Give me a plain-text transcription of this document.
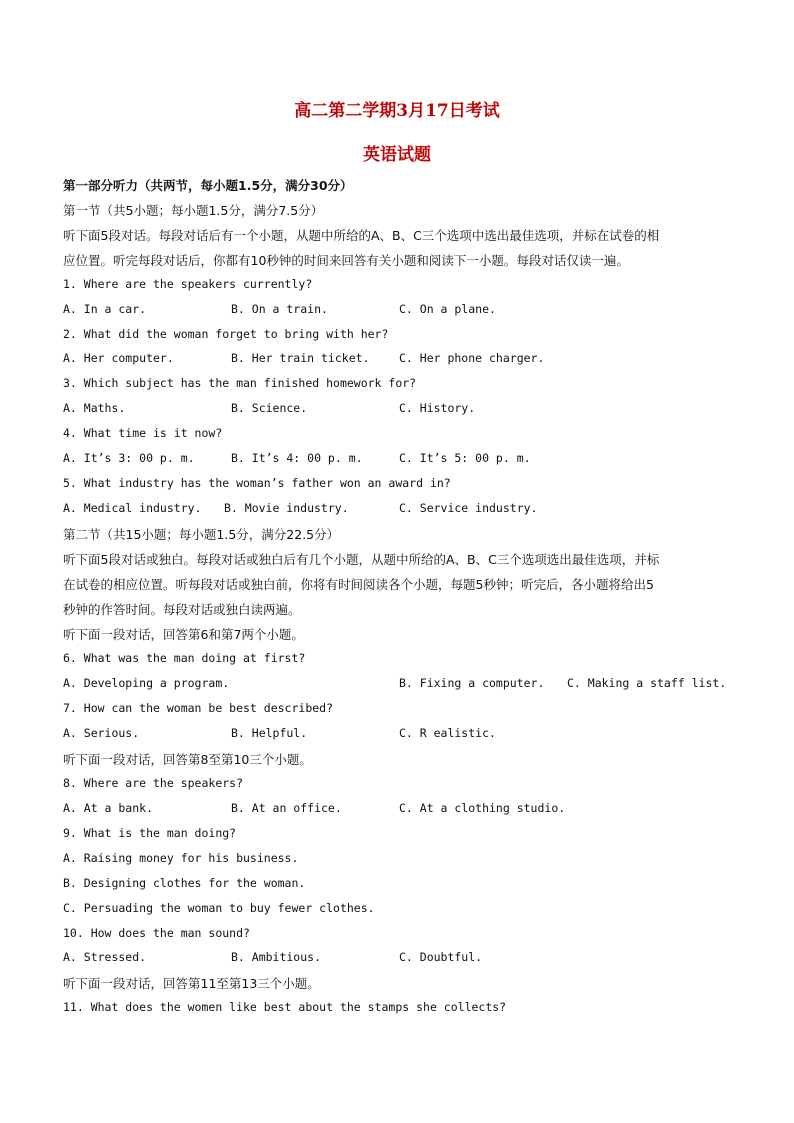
高二第二学期3月17日考试
英语试题
第一部分听力（共两节，每小题1.5分，满分30分）
第一节（共5小题；每小题1.5分，满分7.5分）
听下面5段对话。每段对话后有一个小题，从题中所给的A、B、C三个选项中选出最佳选项，并标在试卷的相
应位置。听完每段对话后，你都有10秒钟的时间来回答有关小题和阅读下一小题。每段对话仅读一遍。
1. Where are the speakers currently?
A. In a car.	B. On a train.	C. On a plane.
2. What did the woman forget to bring with her?
A. Her computer.	B. Her train ticket.	C. Her phone charger.
3. Which subject has the man finished homework for?
A. Maths.	B. Science.	C. History.
4. What time is it now?
A. It’s 3: 00 p. m.	B. It’s 4: 00 p. m.	C. It’s 5: 00 p. m.
5. What industry has the woman’s father won an award in?
A. Medical industry. B. Movie industry.	C. Service industry.
第二节（共15小题；每小题1.5分，满分22.5分）
听下面5段对话或独白。每段对话或独白后有几个小题，从题中所给的A、B、C三个选项选出最佳选项，并标
在试卷的相应位置。听每段对话或独白前，你将有时间阅读各个小题，每题5秒钟；听完后，各小题将给出5
秒钟的作答时间。每段对话或独白读两遍。
听下面一段对话，回答第6和第7两个小题。
6. What was the man doing at first?
A. Developing a program.	B. Fixing a computer. C. Making a staff list.
7. How can the woman be best described?
A. Serious.	B. Helpful.	C. R ealistic.
听下面一段对话，回答第8至第10三个小题。
8. Where are the speakers?
A. At a bank.	B. At an office.	C. At a clothing studio.
9. What is the man doing?
A. Raising money for his business.
B. Designing clothes for the woman.
C. Persuading the woman to buy fewer clothes.
10. How does the man sound?
A. Stressed.	B. Ambitious.	C. Doubtful.
听下面一段对话，回答第11至第13三个小题。
11. What does the women like best about the stamps she collects?
